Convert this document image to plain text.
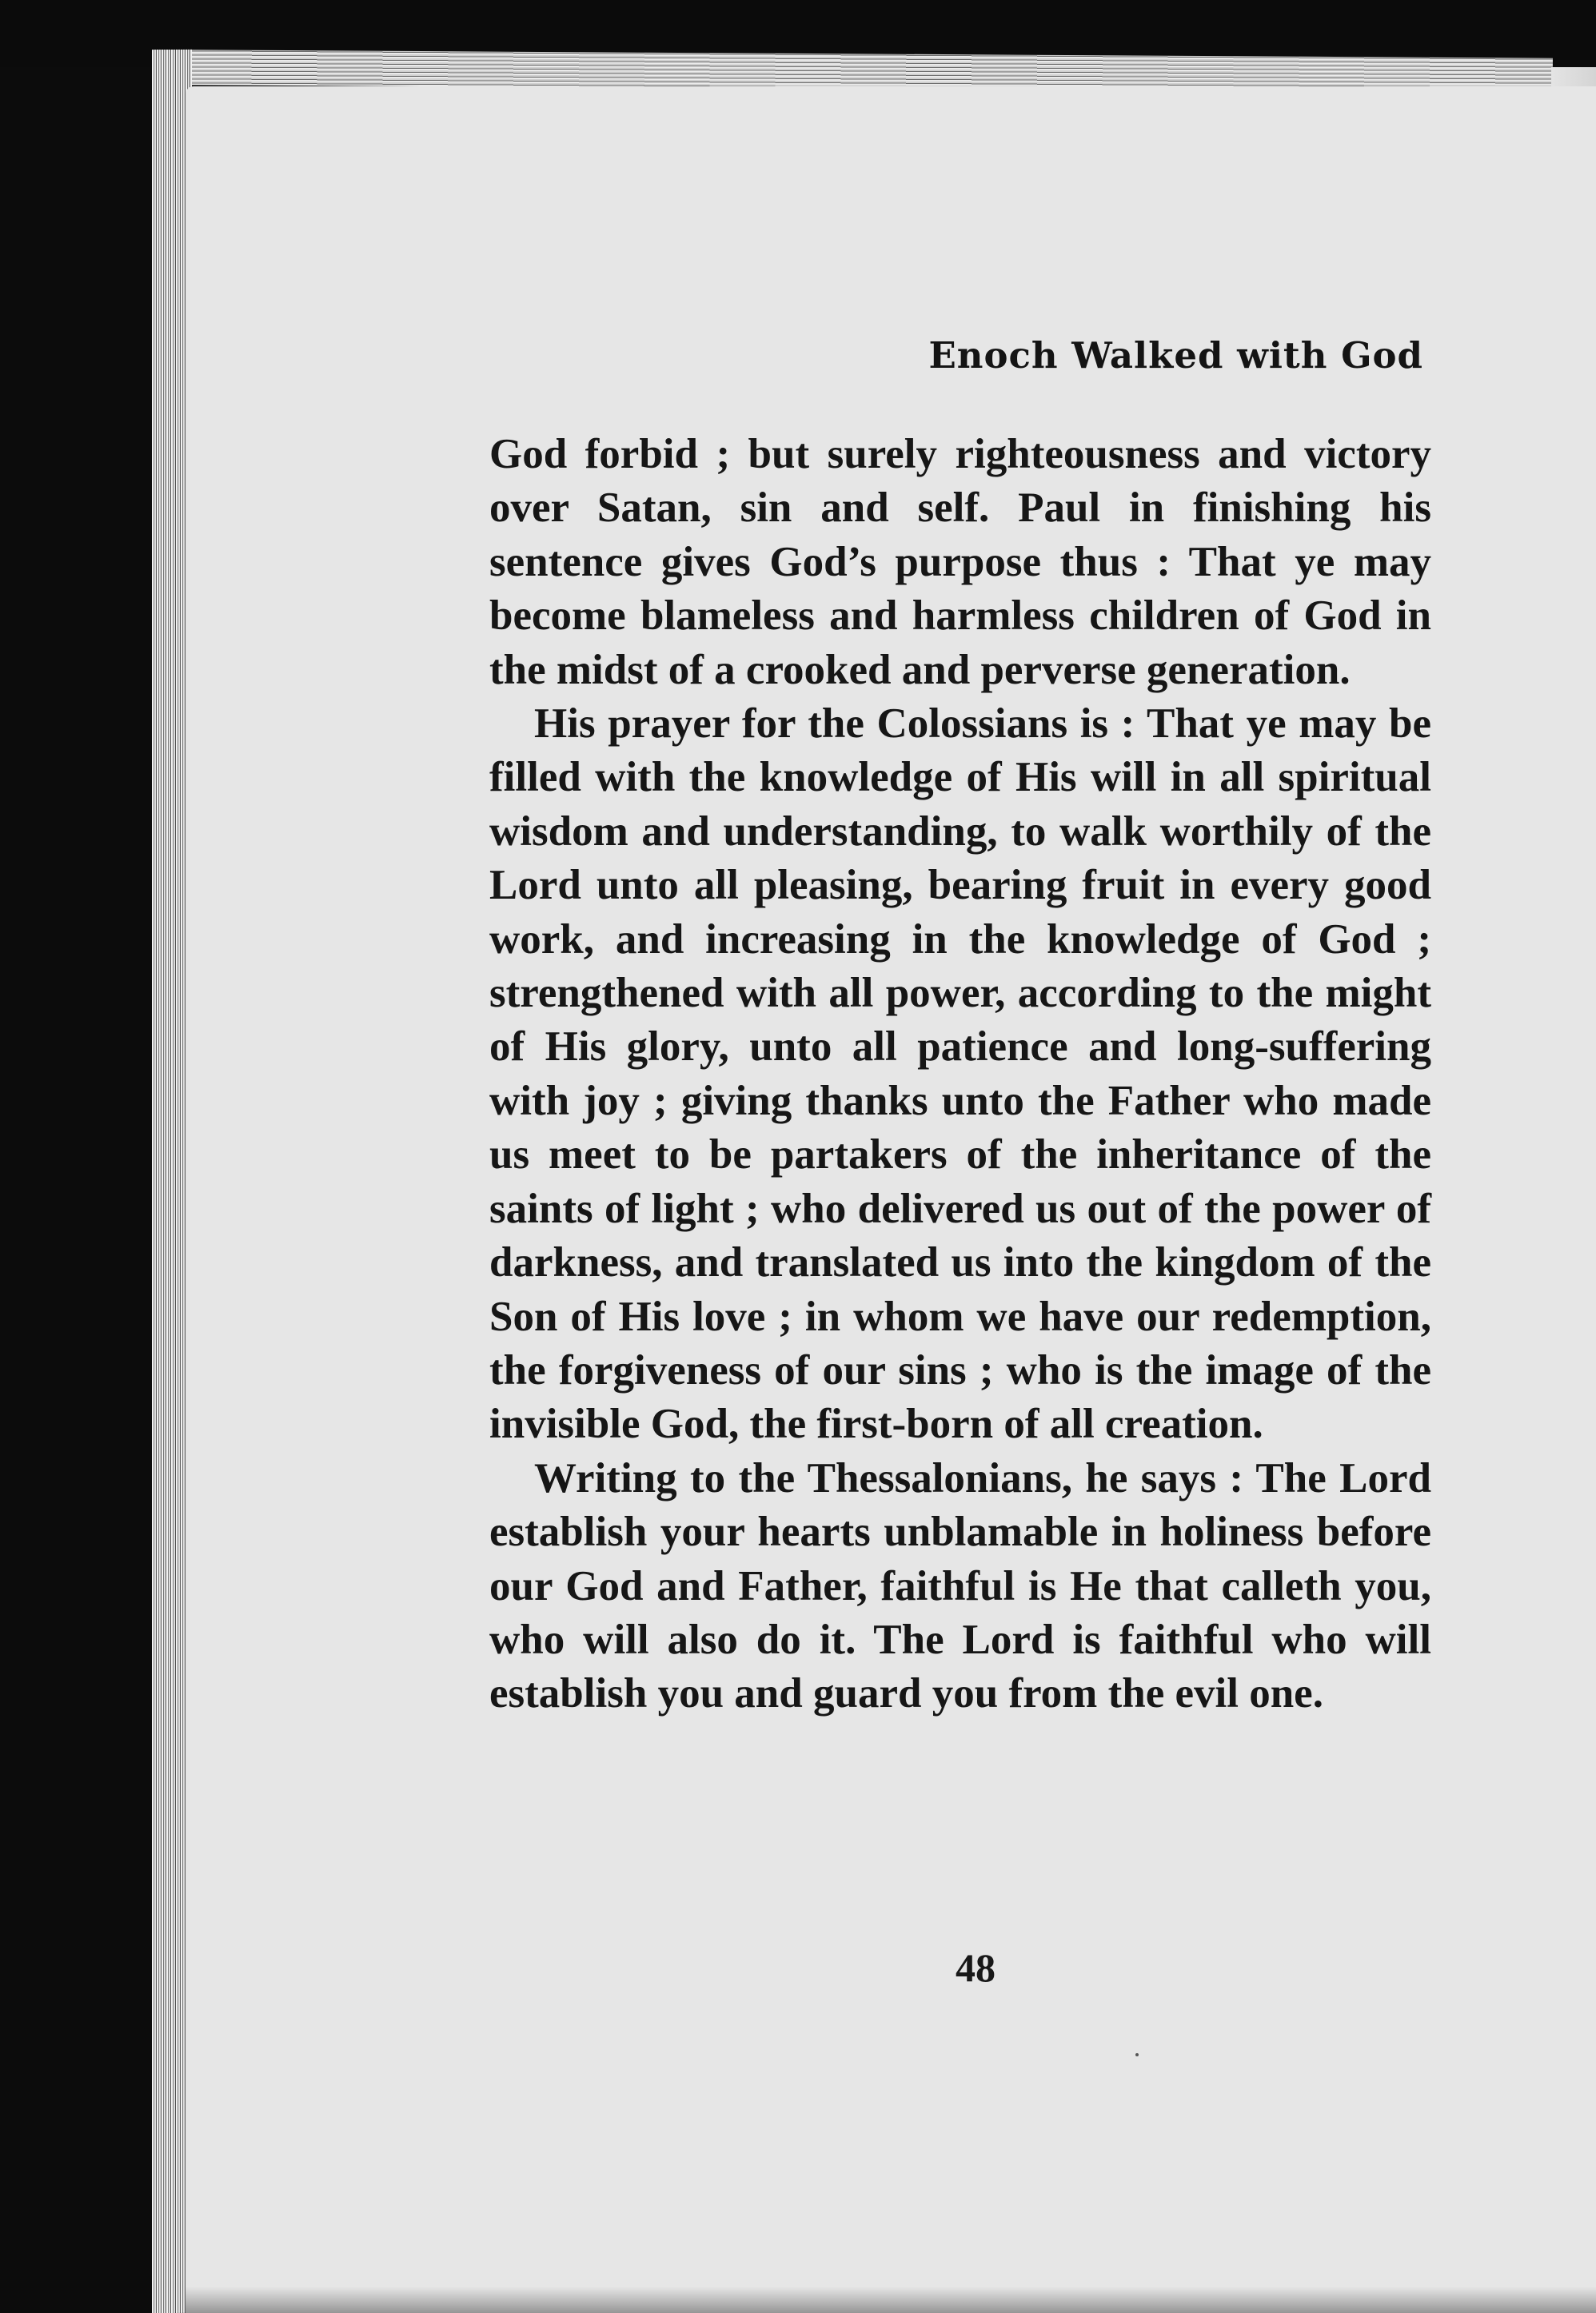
Enoch Walked with God

God forbid ; but surely righteousness and victory over Satan, sin and self. Paul in finishing his sentence gives God’s purpose thus : That ye may become blameless and harmless children of God in the midst of a crooked and perverse generation.

His prayer for the Colossians is : That ye may be filled with the knowledge of His will in all spiritual wisdom and understanding, to walk worthily of the Lord unto all pleasing, bearing fruit in every good work, and increasing in the knowledge of God ; strengthened with all power, according to the might of His glory, unto all patience and long-suffering with joy ; giving thanks unto the Father who made us meet to be partakers of the inheritance of the saints of light ; who delivered us out of the power of darkness, and translated us into the kingdom of the Son of His love ; in whom we have our redemption, the forgiveness of our sins ; who is the image of the invisible God, the first-born of all creation.

Writing to the Thessalonians, he says : The Lord establish your hearts unblamable in holiness before our God and Father, faithful is He that calleth you, who will also do it. The Lord is faithful who will establish you and guard you from the evil one.

48
